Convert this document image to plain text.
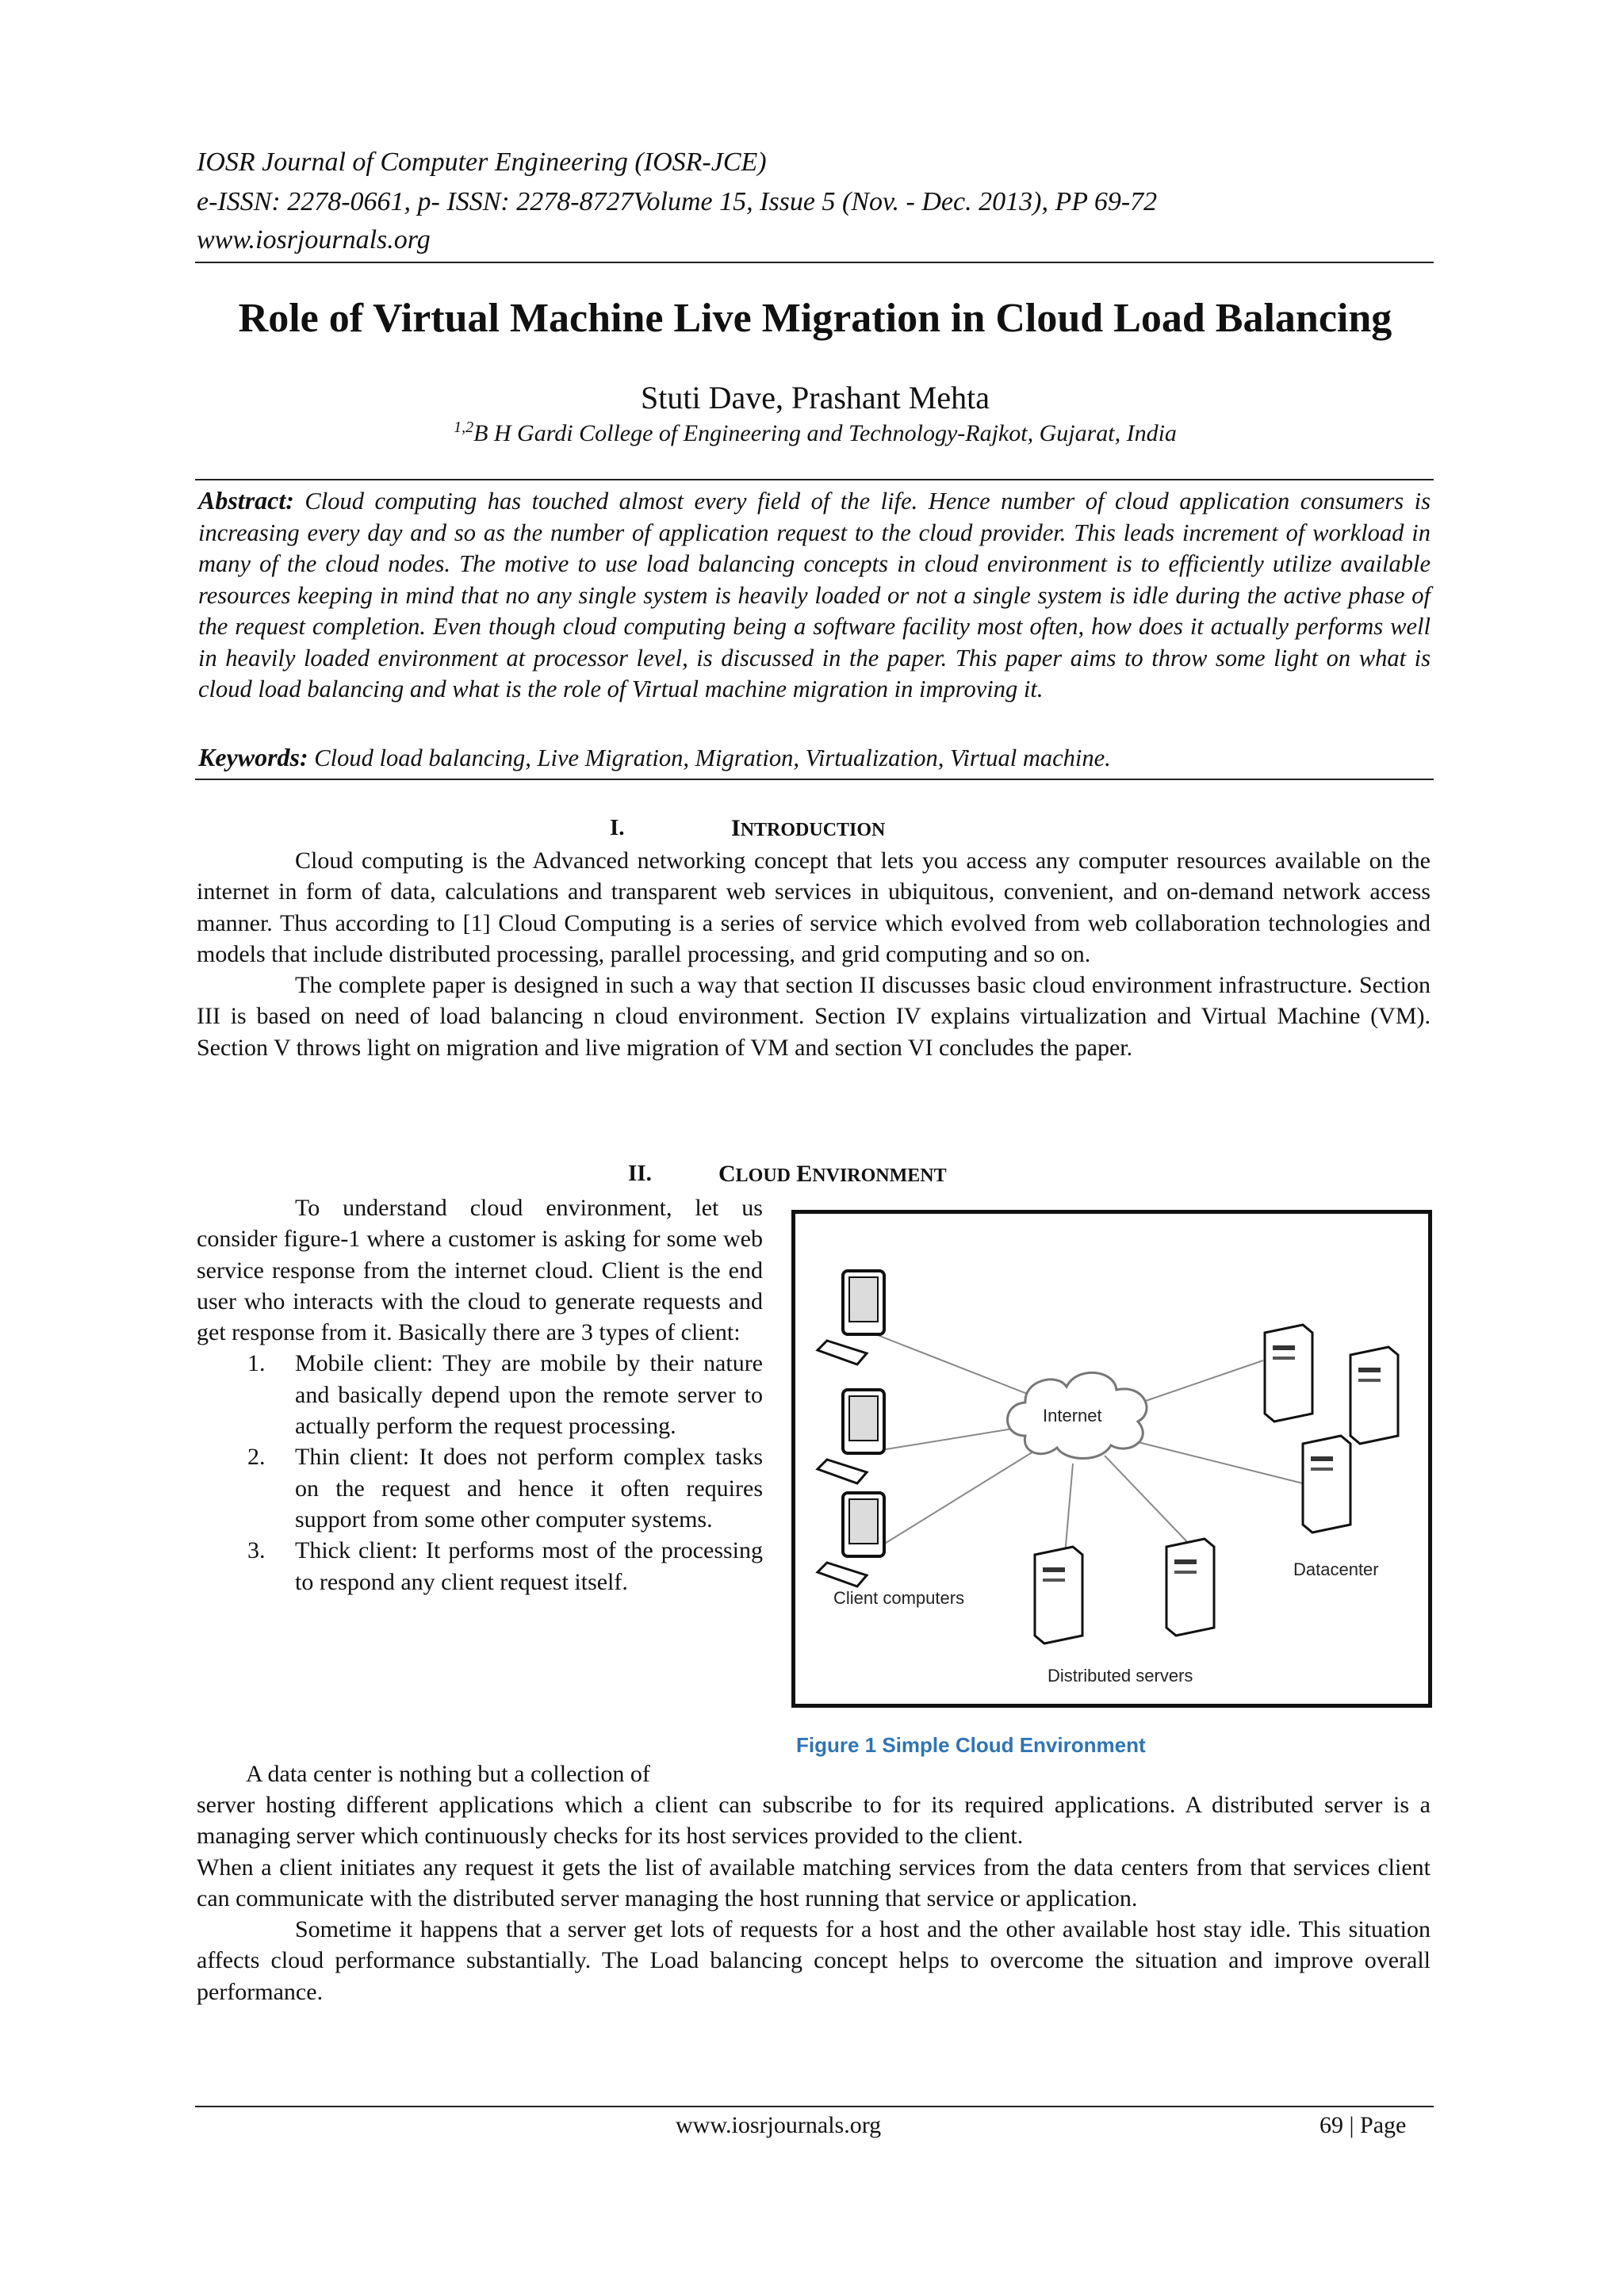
IOSR Journal of Computer Engineering (IOSR-JCE)
e-ISSN: 2278-0661, p- ISSN: 2278-8727Volume 15, Issue 5 (Nov. - Dec. 2013), PP 69-72
www.iosrjournals.org
Role of Virtual Machine Live Migration in Cloud Load Balancing
Stuti Dave, Prashant Mehta
$^{1,2}$B H Gardi College of Engineering and Technology-Rajkot, Gujarat, India
Abstract: Cloud computing has touched almost every field of the life. Hence number of cloud application consumers is increasing every day and so as the number of application request to the cloud provider. This leads increment of workload in many of the cloud nodes. The motive to use load balancing concepts in cloud environment is to efficiently utilize available resources keeping in mind that no any single system is heavily loaded or not a single system is idle during the active phase of the request completion. Even though cloud computing being a software facility most often, how does it actually performs well in heavily loaded environment at processor level, is discussed in the paper. This paper aims to throw some light on what is cloud load balancing and what is the role of Virtual machine migration in improving it.
Keywords: Cloud load balancing, Live Migration, Migration, Virtualization, Virtual machine.
I.	INTRODUCTION

Cloud computing is the Advanced networking concept that lets you access any computer resources available on the internet in form of data, calculations and transparent web services in ubiquitous, convenient, and on-demand network access manner. Thus according to [1] Cloud Computing is a series of service which evolved from web collaboration technologies and models that include distributed processing, parallel processing, and grid computing and so on.

The complete paper is designed in such a way that section II discusses basic cloud environment infrastructure. Section III is based on need of load balancing n cloud environment. Section IV explains virtualization and Virtual Machine (VM). Section V throws light on migration and live migration of VM and section VI concludes the paper.

II.	CLOUD ENVIRONMENT

To understand cloud environment, let us consider figure-1 where a customer is asking for some web service response from the internet cloud. Client is the end user who interacts with the cloud to generate requests and get response from it. Basically there are 3 types of client:

1. Mobile client: They are mobile by their nature and basically depend upon the remote server to actually perform the request processing.
2. Thin client: It does not perform complex tasks on the request and hence it often requires support from some other computer systems.
3. Thick client: It performs most of the processing to respond any client request itself.
Internet
Client computers
Datacenter
Distributed servers
Figure 1 Simple Cloud Environment
A data center is nothing but a collection of

server hosting different applications which a client can subscribe to for its required applications. A distributed server is a managing server which continuously checks for its host services provided to the client.

When a client initiates any request it gets the list of available matching services from the data centers from that services client can communicate with the distributed server managing the host running that service or application.

Sometime it happens that a server get lots of requests for a host and the other available host stay idle. This situation affects cloud performance substantially. The Load balancing concept helps to overcome the situation and improve overall performance.

www.iosrjournals.org	69 | Page
